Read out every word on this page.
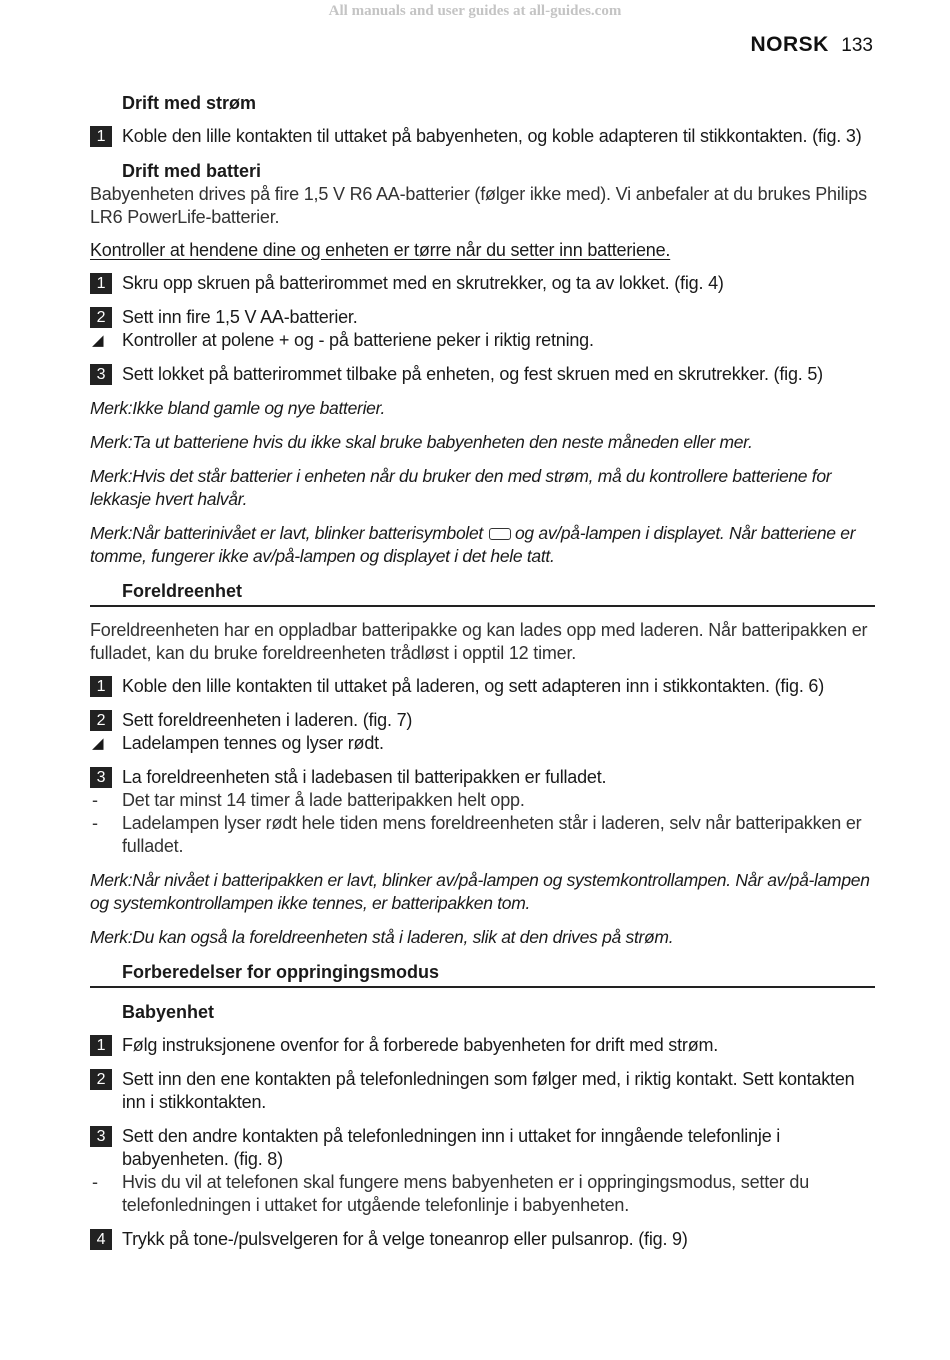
All manuals and user guides at all-guides.com
NORSK 133
Drift med strøm
1 Koble den lille kontakten til uttaket på babyenheten, og koble adapteren til stikkontakten. (fig. 3)
Drift med batteri
Babyenheten drives på fire 1,5 V R6 AA-batterier (følger ikke med). Vi anbefaler at du brukes Philips LR6 PowerLife-batterier.
Kontroller at hendene dine og enheten er tørre når du setter inn batteriene.
1 Skru opp skruen på batterirommet med en skrutrekker, og ta av lokket. (fig. 4)
2 Sett inn fire 1,5 V AA-batterier.
◢ Kontroller at polene + og - på batteriene peker i riktig retning.
3 Sett lokket på batterirommet tilbake på enheten, og fest skruen med en skrutrekker. (fig. 5)
Merk:Ikke bland gamle og nye batterier.
Merk:Ta ut batteriene hvis du ikke skal bruke babyenheten den neste måneden eller mer.
Merk:Hvis det står batterier i enheten når du bruker den med strøm, må du kontrollere batteriene for lekkasje hvert halvår.
Merk:Når batterinivået er lavt, blinker batterisymbolet og av/på-lampen i displayet. Når batteriene er tomme, fungerer ikke av/på-lampen og displayet i det hele tatt.
Foreldreenhet
Foreldreenheten har en oppladbar batteripakke og kan lades opp med laderen. Når batteripakken er fulladet, kan du bruke foreldreenheten trådløst i opptil 12 timer.
1 Koble den lille kontakten til uttaket på laderen, og sett adapteren inn i stikkontakten. (fig. 6)
2 Sett foreldreenheten i laderen. (fig. 7)
◢ Ladelampen tennes og lyser rødt.
3 La foreldreenheten stå i ladebasen til batteripakken er fulladet.
- Det tar minst 14 timer å lade batteripakken helt opp.
- Ladelampen lyser rødt hele tiden mens foreldreenheten står i laderen, selv når batteripakken er fulladet.
Merk:Når nivået i batteripakken er lavt, blinker av/på-lampen og systemkontrollampen. Når av/på-lampen og systemkontrollampen ikke tennes, er batteripakken tom.
Merk:Du kan også la foreldreenheten stå i laderen, slik at den drives på strøm.
Forberedelser for oppringingsmodus
Babyenhet
1 Følg instruksjonene ovenfor for å forberede babyenheten for drift med strøm.
2 Sett inn den ene kontakten på telefonledningen som følger med, i riktig kontakt. Sett kontakten inn i stikkontakten.
3 Sett den andre kontakten på telefonledningen inn i uttaket for inngående telefonlinje i babyenheten. (fig. 8)
- Hvis du vil at telefonen skal fungere mens babyenheten er i oppringingsmodus, setter du telefonledningen i uttaket for utgående telefonlinje i babyenheten.
4 Trykk på tone-/pulsvelgeren for å velge toneanrop eller pulsanrop. (fig. 9)
